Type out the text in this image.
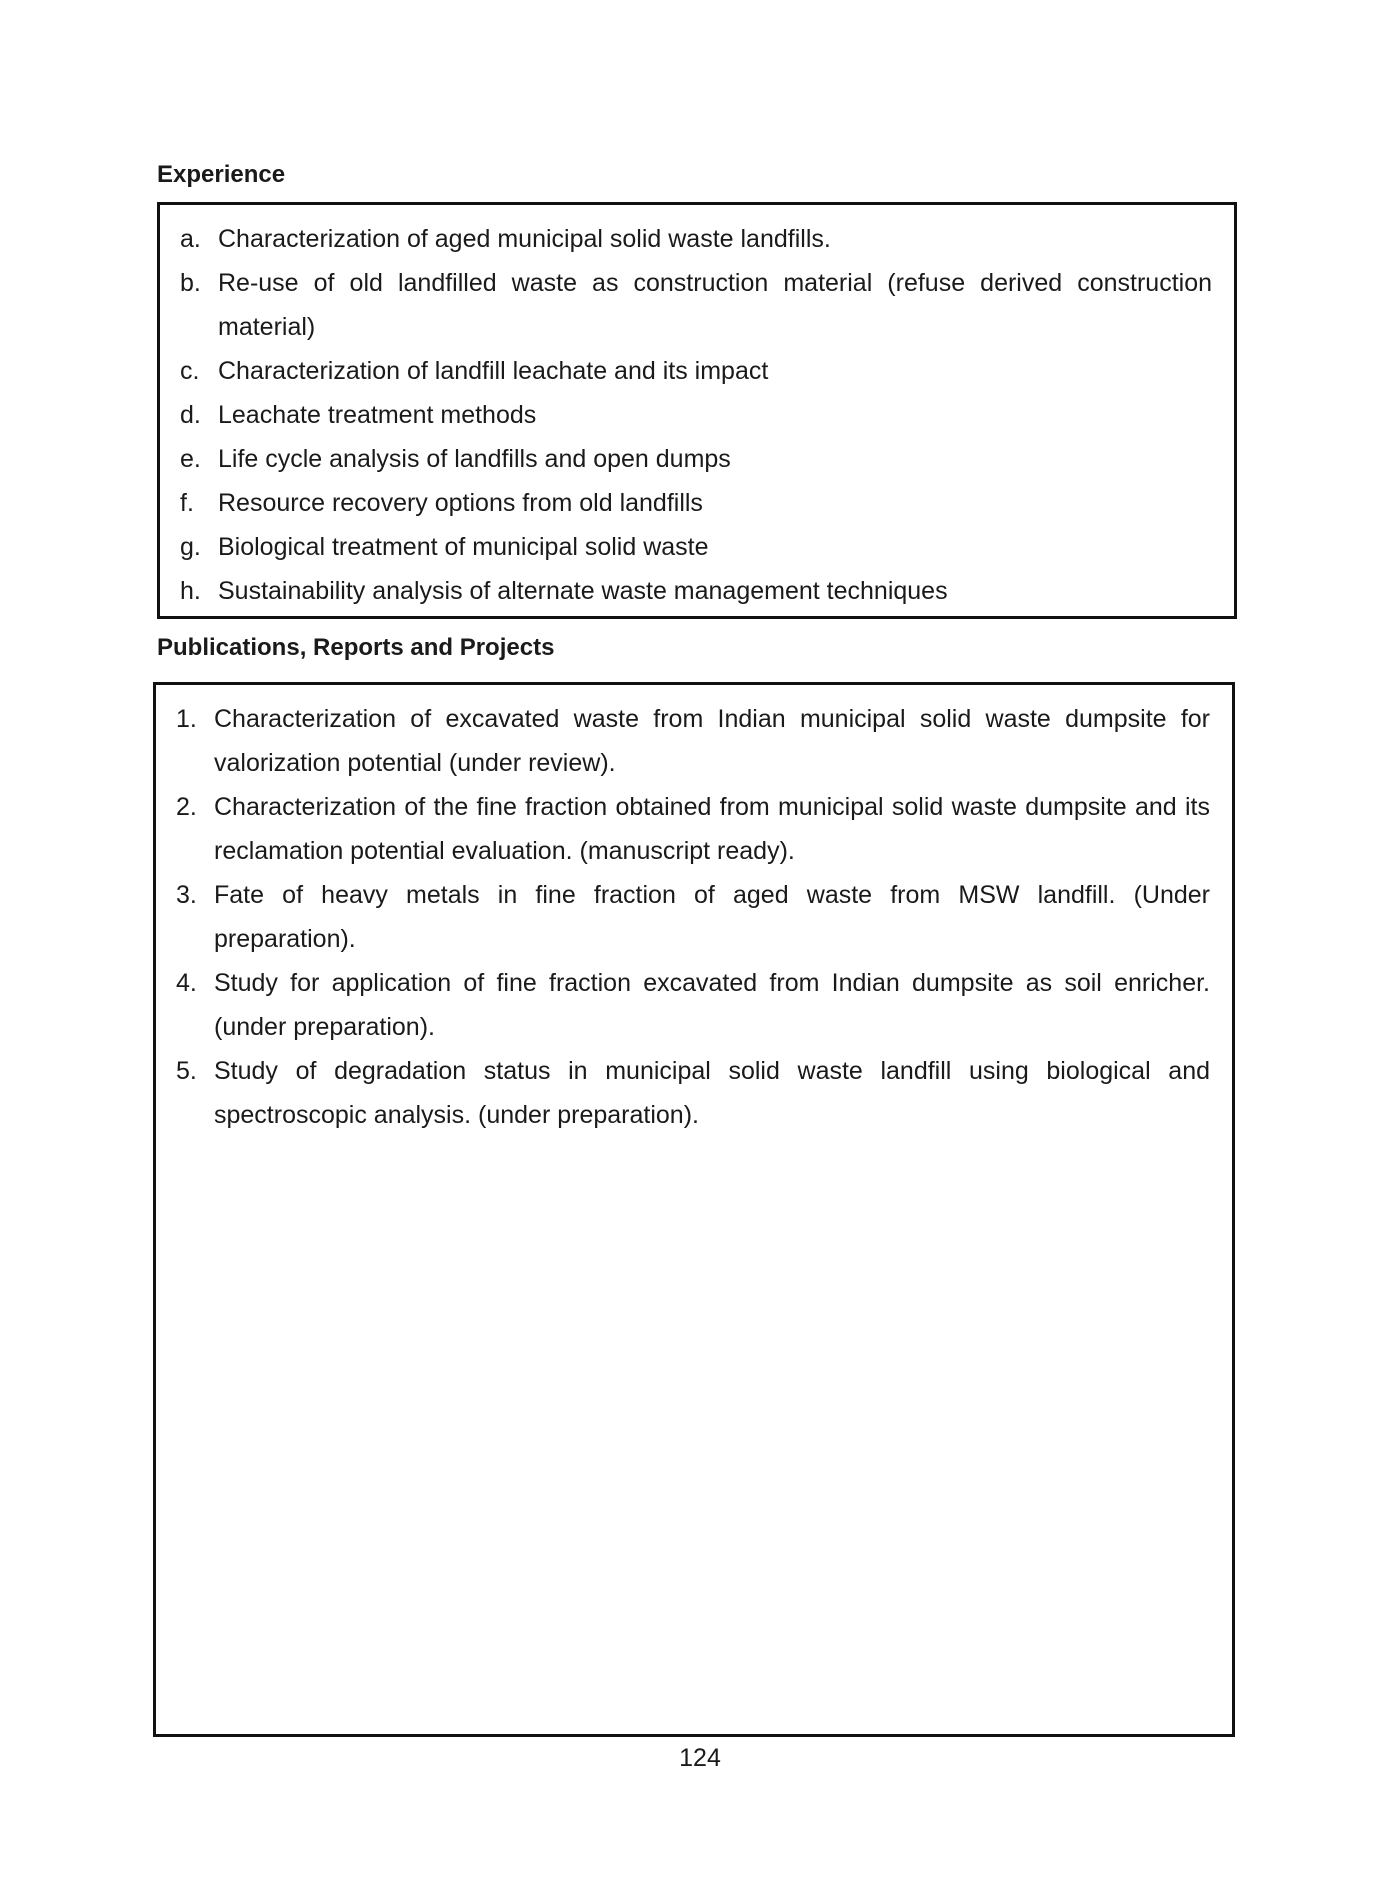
Experience
a. Characterization of aged municipal solid waste landfills.
b. Re-use of old landfilled waste as construction material (refuse derived construction material)
c. Characterization of landfill leachate and its impact
d. Leachate treatment methods
e. Life cycle analysis of landfills and open dumps
f. Resource recovery options from old landfills
g. Biological treatment of municipal solid waste
h. Sustainability analysis of alternate waste management techniques
Publications, Reports and Projects
1. Characterization of excavated waste from Indian municipal solid waste dumpsite for valorization potential (under review).
2. Characterization of the fine fraction obtained from municipal solid waste dumpsite and its reclamation potential evaluation. (manuscript ready).
3. Fate of heavy metals in fine fraction of aged waste from MSW landfill. (Under preparation).
4. Study for application of fine fraction excavated from Indian dumpsite as soil enricher. (under preparation).
5. Study of degradation status in municipal solid waste landfill using biological and spectroscopic analysis. (under preparation).
124
